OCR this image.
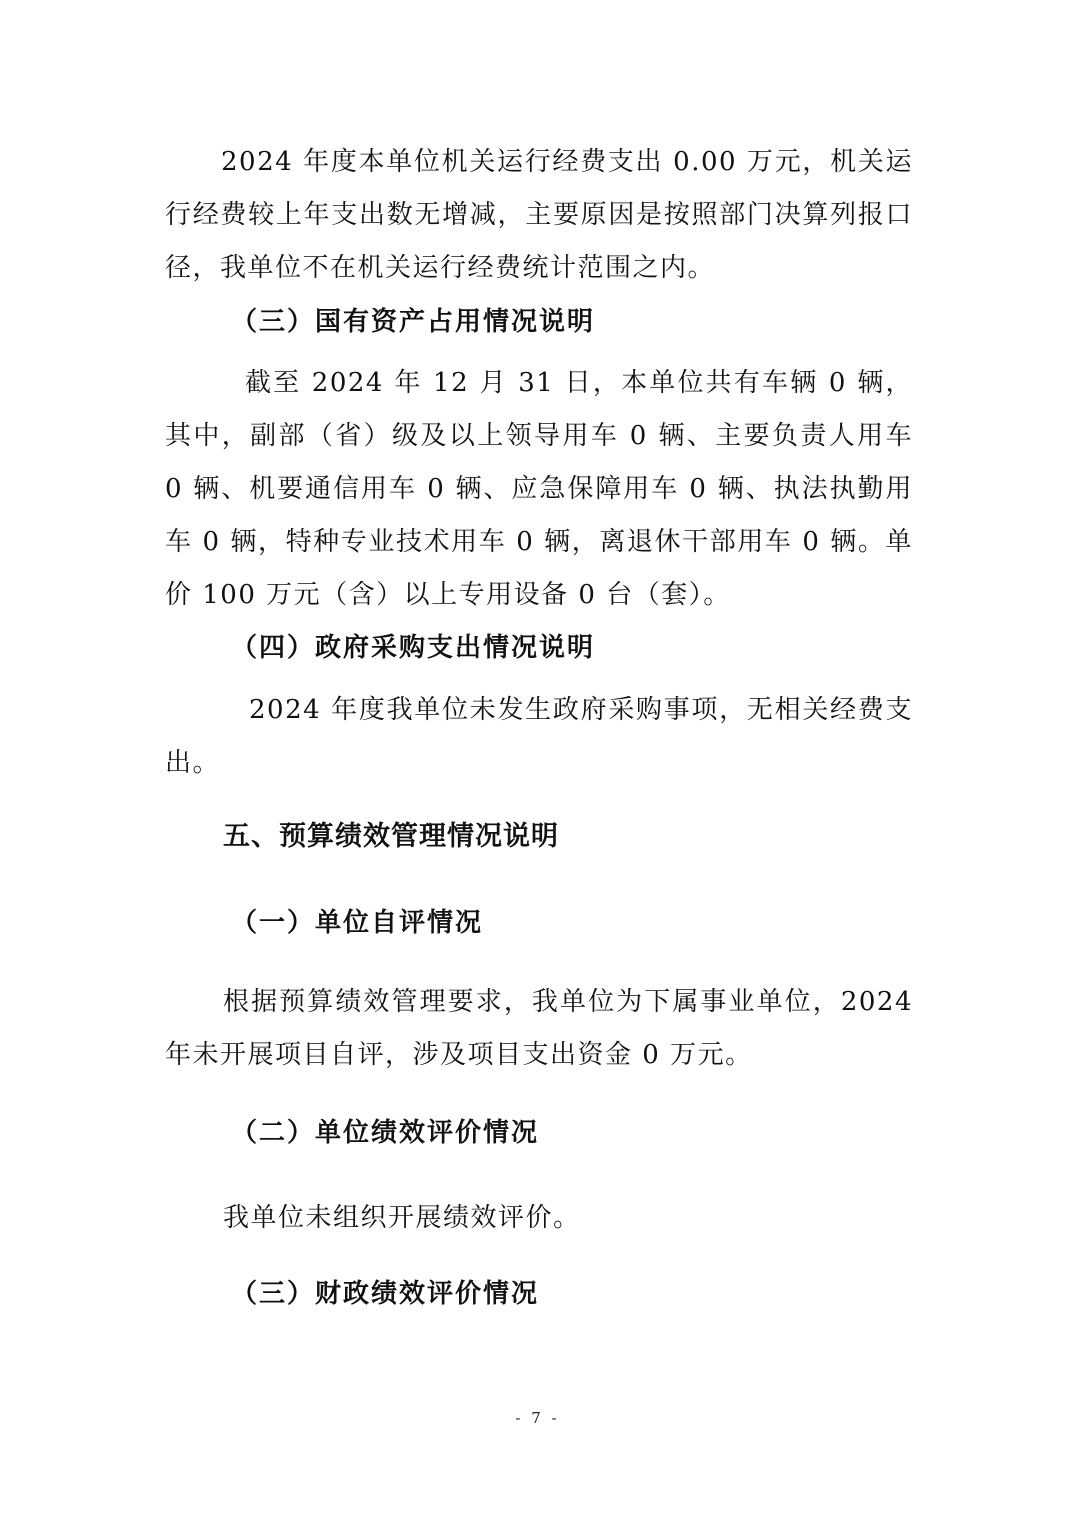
2024 年度本单位机关运行经费支出 0.00 万元，机关运行经费较上年支出数无增减，主要原因是按照部门决算列报口径，我单位不在机关运行经费统计范围之内。

（三）国有资产占用情况说明

截至 2024 年 12 月 31 日，本单位共有车辆 0 辆，其中，副部（省）级及以上领导用车 0 辆、主要负责人用车 0 辆、机要通信用车 0 辆、应急保障用车 0 辆、执法执勤用车 0 辆，特种专业技术用车 0 辆，离退休干部用车 0 辆。单价 100 万元（含）以上专用设备 0 台（套）。

（四）政府采购支出情况说明

2024 年度我单位未发生政府采购事项，无相关经费支出。

五、预算绩效管理情况说明
（一）单位自评情况

根据预算绩效管理要求，我单位为下属事业单位，2024 年未开展项目自评，涉及项目支出资金 0 万元。

（二）单位绩效评价情况

我单位未组织开展绩效评价。

（三）财政绩效评价情况
- 7 -
